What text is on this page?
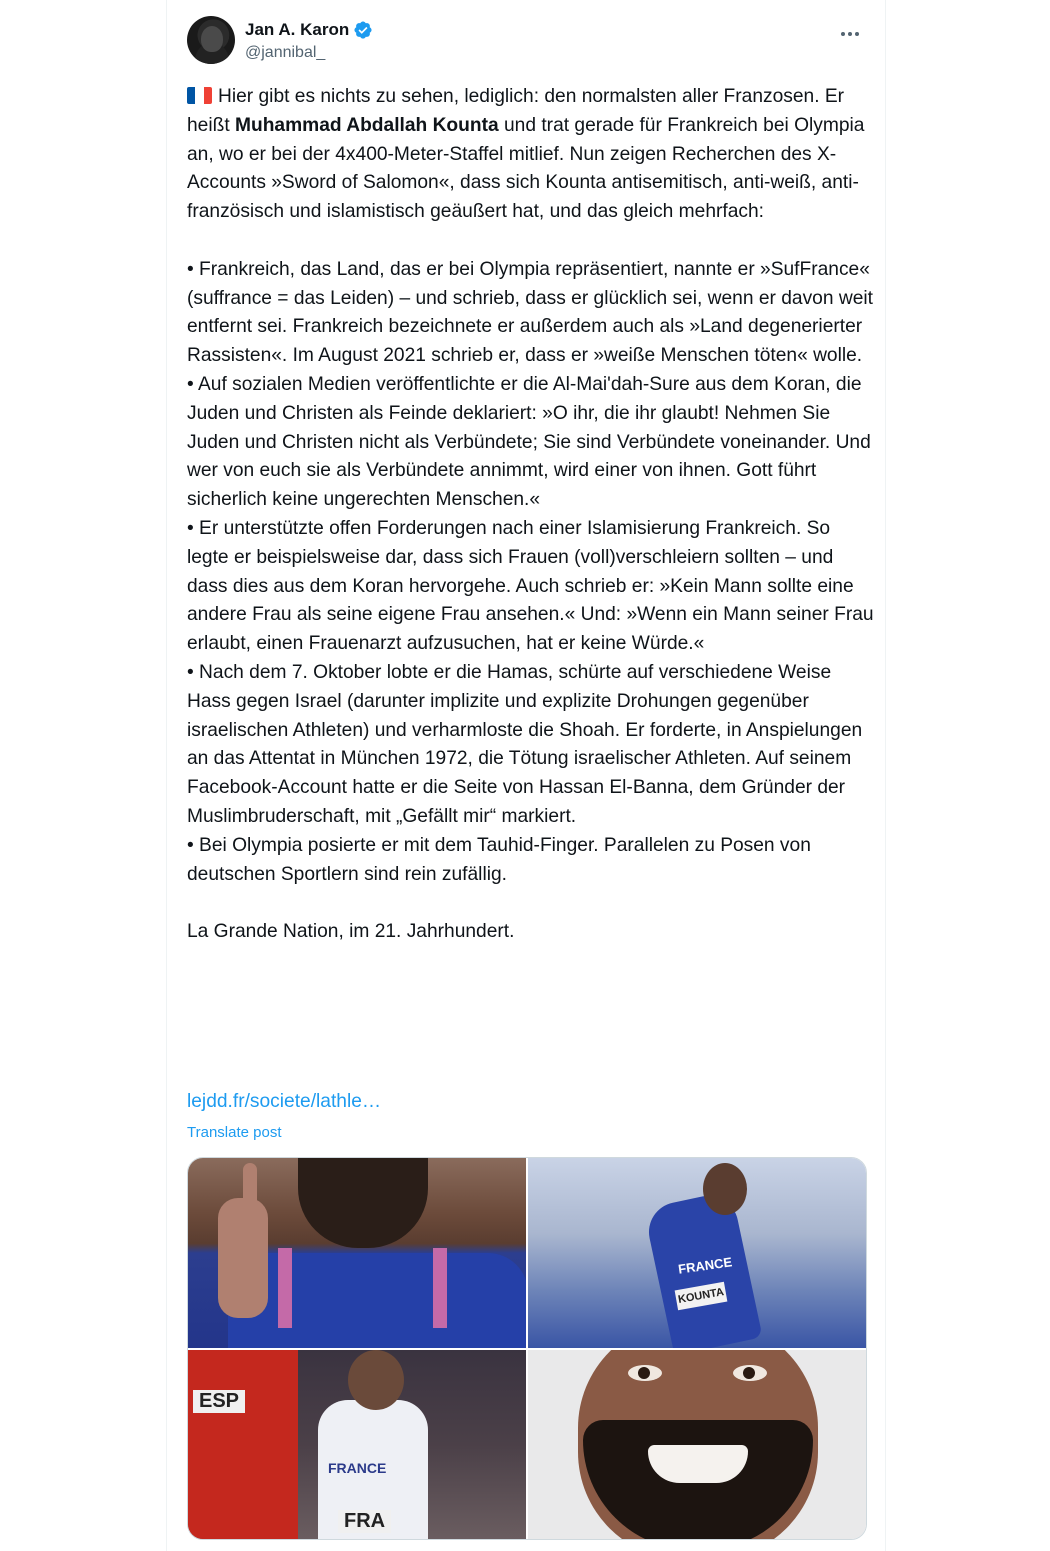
Jan A. Karon
@jannibal_

Hier gibt es nichts zu sehen, lediglich: den normalsten aller Franzosen. Er heißt Muhammad Abdallah Kounta und trat gerade für Frankreich bei Olympia an, wo er bei der 4x400-Meter-Staffel mitlief. Nun zeigen Recherchen des X-Accounts »Sword of Salomon«, dass sich Kounta antisemitisch, anti-weiß, anti-französisch und islamistisch geäußert hat, und das gleich mehrfach:

• Frankreich, das Land, das er bei Olympia repräsentiert, nannte er »SufFrance« (suffrance = das Leiden) – und schrieb, dass er glücklich sei, wenn er davon weit entfernt sei. Frankreich bezeichnete er außerdem auch als »Land degenerierter Rassisten«. Im August 2021 schrieb er, dass er »weiße Menschen töten« wolle.

• Auf sozialen Medien veröffentlichte er die Al-Mai'dah-Sure aus dem Koran, die Juden und Christen als Feinde deklariert: »O ihr, die ihr glaubt! Nehmen Sie Juden und Christen nicht als Verbündete; Sie sind Verbündete voneinander. Und wer von euch sie als Verbündete annimmt, wird einer von ihnen. Gott führt sicherlich keine ungerechten Menschen.«

• Er unterstützte offen Forderungen nach einer Islamisierung Frankreich. So legte er beispielsweise dar, dass sich Frauen (voll)verschleiern sollten – und dass dies aus dem Koran hervorgehe. Auch schrieb er: »Kein Mann sollte eine andere Frau als seine eigene Frau ansehen.« Und: »Wenn ein Mann seiner Frau erlaubt, einen Frauenarzt aufzusuchen, hat er keine Würde.«

• Nach dem 7. Oktober lobte er die Hamas, schürte auf verschiedene Weise Hass gegen Israel (darunter implizite und explizite Drohungen gegenüber israelischen Athleten) und verharmloste die Shoah. Er forderte, in Anspielungen an das Attentat in München 1972, die Tötung israelischer Athleten. Auf seinem Facebook-Account hatte er die Seite von Hassan El-Banna, dem Gründer der Muslimbruderschaft, mit „Gefällt mir“ markiert.

• Bei Olympia posierte er mit dem Tauhid-Finger. Parallelen zu Posen von deutschen Sportlern sind rein zufällig.

La Grande Nation, im 21. Jahrhundert.

lejdd.fr/societe/lathle…
Translate post
FRANCE
KOUNTA
ESP
FRANCE
FRA
